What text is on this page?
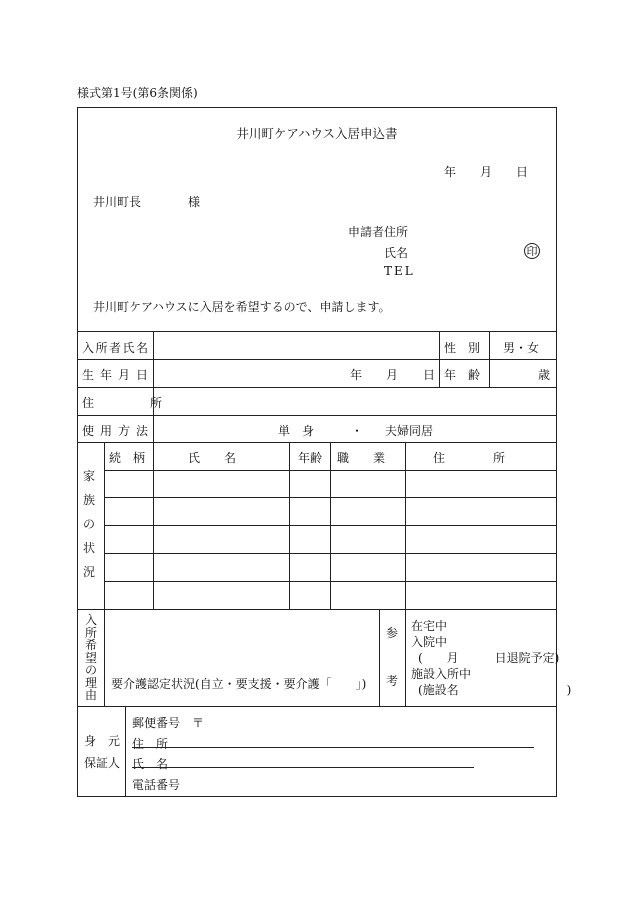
様式第1号(第6条関係)
井川町ケアハウス入居申込書
年 月 日
井川町長	様
申請者住所
氏名	印
TEL
井川町ケアハウスに入居を希望するので、申請します。
入所者氏名	性　別 男・女
生年月日	年 月 日 年　齢	歳
住　所
使用方法	単　身	・ 夫婦同居
家
族
の
状
況
続　柄	氏　　名	年齢 職　　業	住　　　　所
入
所
希
望
の
理
由
要介護認定状況(自立・要支援・要介護「　　」)
参
考
在宅中
入院中
(　　月　　　日退院予定)
施設入所中
(施設名　　　　　　　　　)
身　元
保証人
郵便番号　〒
住　所
氏　名
電話番号
